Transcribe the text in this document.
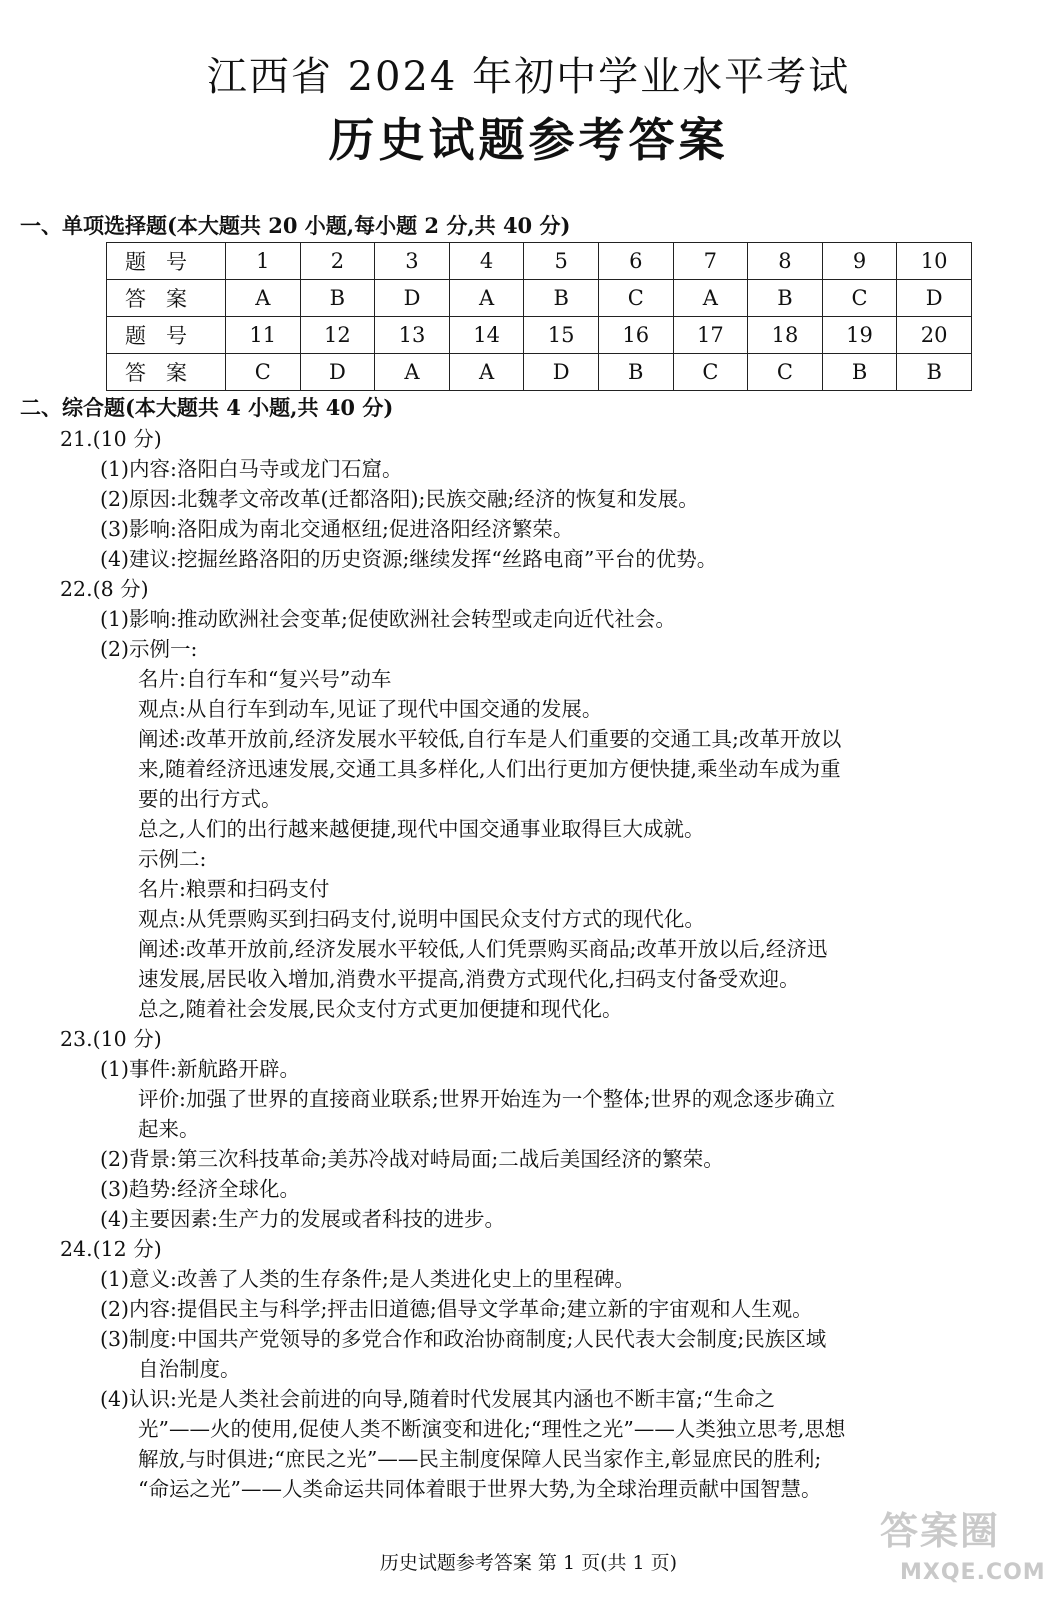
江西省 2024 年初中学业水平考试
历史试题参考答案
一、单项选择题(本大题共 20 小题,每小题 2 分,共 40 分)
题号	1	2	3	4	5	6	7	8	9	10
答案	A	B	D	A	B	C	A	B	C	D
题号	11	12	13	14	15	16	17	18	19	20
答案	C	D	A	A	D	B	C	C	B	B
二、综合题(本大题共 4 小题,共 40 分)
21.(10 分)
(1)内容:洛阳白马寺或龙门石窟。
(2)原因:北魏孝文帝改革(迁都洛阳);民族交融;经济的恢复和发展。
(3)影响:洛阳成为南北交通枢纽;促进洛阳经济繁荣。
(4)建议:挖掘丝路洛阳的历史资源;继续发挥“丝路电商”平台的优势。
22.(8 分)
(1)影响:推动欧洲社会变革;促使欧洲社会转型或走向近代社会。
(2)示例一:
名片:自行车和“复兴号”动车
观点:从自行车到动车,见证了现代中国交通的发展。
阐述:改革开放前,经济发展水平较低,自行车是人们重要的交通工具;改革开放以
来,随着经济迅速发展,交通工具多样化,人们出行更加方便快捷,乘坐动车成为重
要的出行方式。
总之,人们的出行越来越便捷,现代中国交通事业取得巨大成就。
示例二:
名片:粮票和扫码支付
观点:从凭票购买到扫码支付,说明中国民众支付方式的现代化。
阐述:改革开放前,经济发展水平较低,人们凭票购买商品;改革开放以后,经济迅
速发展,居民收入增加,消费水平提高,消费方式现代化,扫码支付备受欢迎。
总之,随着社会发展,民众支付方式更加便捷和现代化。
23.(10 分)
(1)事件:新航路开辟。
评价:加强了世界的直接商业联系;世界开始连为一个整体;世界的观念逐步确立
起来。
(2)背景:第三次科技革命;美苏冷战对峙局面;二战后美国经济的繁荣。
(3)趋势:经济全球化。
(4)主要因素:生产力的发展或者科技的进步。
24.(12 分)
(1)意义:改善了人类的生存条件;是人类进化史上的里程碑。
(2)内容:提倡民主与科学;抨击旧道德;倡导文学革命;建立新的宇宙观和人生观。
(3)制度:中国共产党领导的多党合作和政治协商制度;人民代表大会制度;民族区域
自治制度。
(4)认识:光是人类社会前进的向导,随着时代发展其内涵也不断丰富;“生命之
光”——火的使用,促使人类不断演变和进化;“理性之光”——人类独立思考,思想
解放,与时俱进;“庶民之光”——民主制度保障人民当家作主,彰显庶民的胜利;
“命运之光”——人类命运共同体着眼于世界大势,为全球治理贡献中国智慧。
历史试题参考答案 第 1 页(共 1 页)
答案圈
MXQE.COM
